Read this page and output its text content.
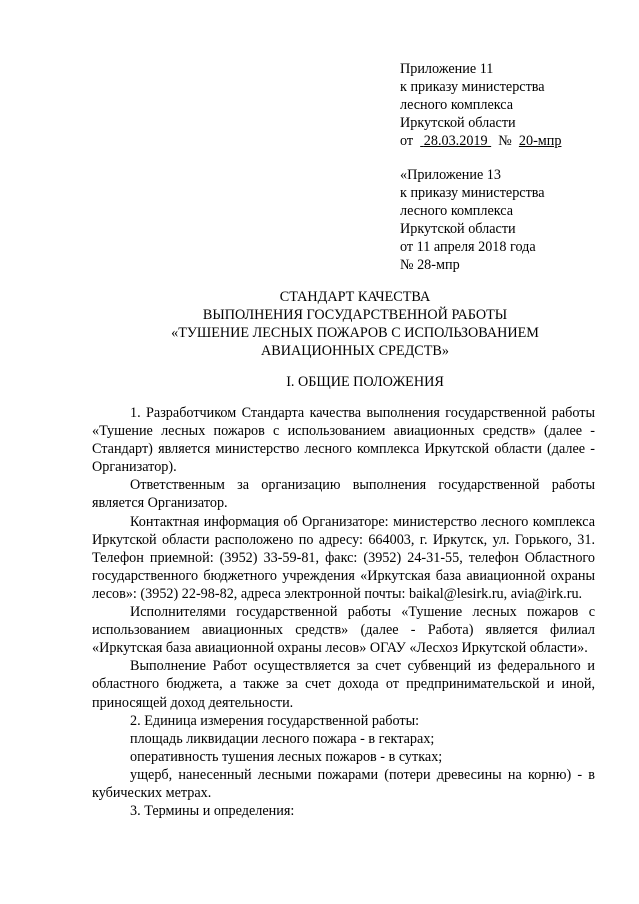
Приложение 11
к приказу министерства
лесного комплекса
Иркутской области
от 28.03.2019 № 20-мпр
«Приложение 13
к приказу министерства
лесного комплекса
Иркутской области
от 11 апреля 2018 года
№ 28-мпр
СТАНДАРТ КАЧЕСТВА
ВЫПОЛНЕНИЯ ГОСУДАРСТВЕННОЙ РАБОТЫ
«ТУШЕНИЕ ЛЕСНЫХ ПОЖАРОВ С ИСПОЛЬЗОВАНИЕМ
АВИАЦИОННЫХ СРЕДСТВ»
I. ОБЩИЕ ПОЛОЖЕНИЯ

1. Разработчиком Стандарта качества выполнения государственной работы «Тушение лесных пожаров с использованием авиационных средств» (далее - Стандарт) является министерство лесного комплекса Иркутской области (далее - Организатор).

Ответственным за организацию выполнения государственной работы является Организатор.

Контактная информация об Организаторе: министерство лесного комплекса Иркутской области расположено по адресу: 664003, г. Иркутск, ул. Горького, 31. Телефон приемной: (3952) 33-59-81, факс: (3952) 24-31-55, телефон Областного государственного бюджетного учреждения «Иркутская база авиационной охраны лесов»: (3952) 22-98-82, адреса электронной почты: baikal@lesirk.ru, avia@irk.ru.

Исполнителями государственной работы «Тушение лесных пожаров с использованием авиационных средств» (далее - Работа) является филиал «Иркутская база авиационной охраны лесов» ОГАУ «Лесхоз Иркутской области».

Выполнение Работ осуществляется за счет субвенций из федерального и областного бюджета, а также за счет дохода от предпринимательской и иной, приносящей доход деятельности.

2. Единица измерения государственной работы:

площадь ликвидации лесного пожара - в гектарах;

оперативность тушения лесных пожаров - в сутках;

ущерб, нанесенный лесными пожарами (потери древесины на корню) - в кубических метрах.

3. Термины и определения:
